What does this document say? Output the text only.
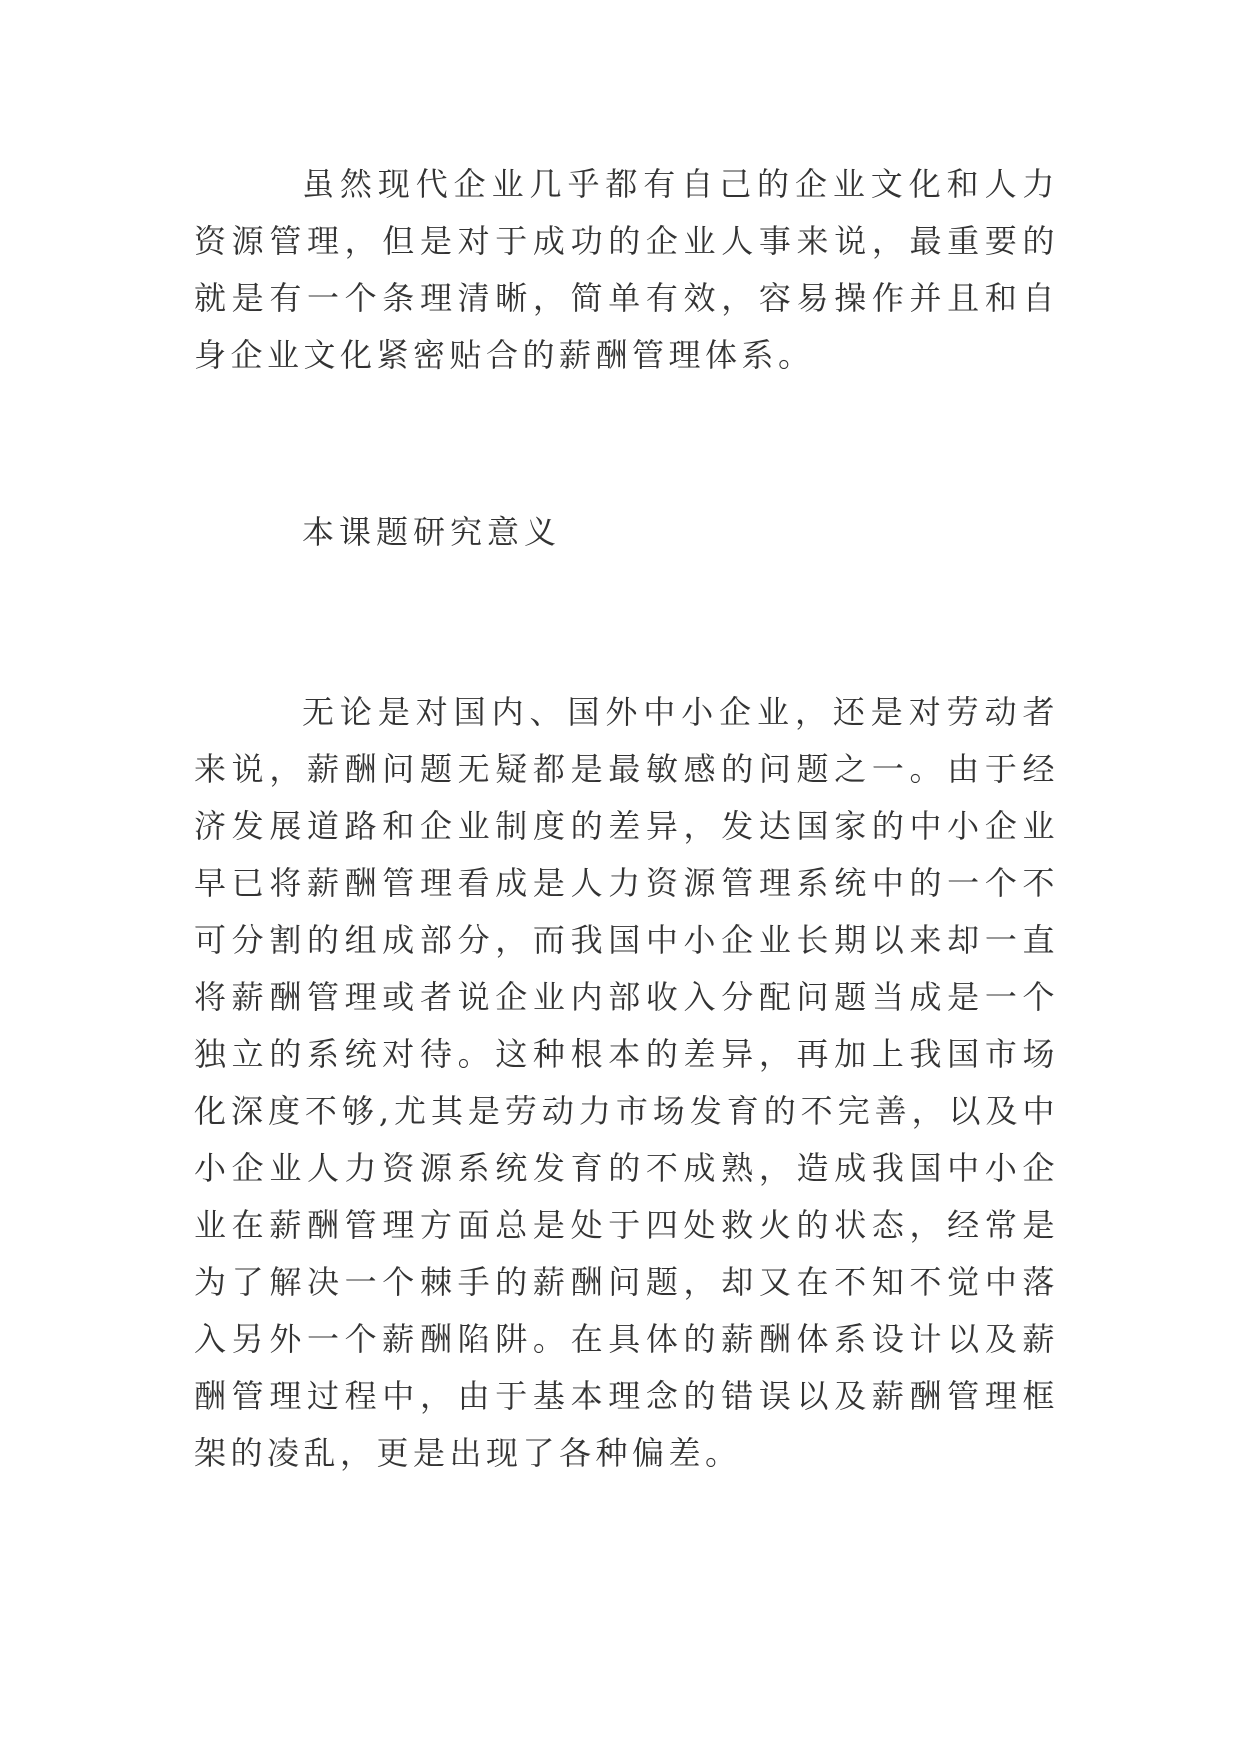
虽然现代企业几乎都有自己的企业文化和人力资源管理，但是对于成功的企业人事来说，最重要的就是有一个条理清晰，简单有效，容易操作并且和自身企业文化紧密贴合的薪酬管理体系。

本课题研究意义

无论是对国内、国外中小企业，还是对劳动者来说，薪酬问题无疑都是最敏感的问题之一。由于经济发展道路和企业制度的差异，发达国家的中小企业早已将薪酬管理看成是人力资源管理系统中的一个不可分割的组成部分，而我国中小企业长期以来却一直将薪酬管理或者说企业内部收入分配问题当成是一个独立的系统对待。这种根本的差异，再加上我国市场化深度不够,尤其是劳动力市场发育的不完善，以及中小企业人力资源系统发育的不成熟，造成我国中小企业在薪酬管理方面总是处于四处救火的状态，经常是为了解决一个棘手的薪酬问题，却又在不知不觉中落入另外一个薪酬陷阱。在具体的薪酬体系设计以及薪酬管理过程中，由于基本理念的错误以及薪酬管理框架的凌乱，更是出现了各种偏差。
